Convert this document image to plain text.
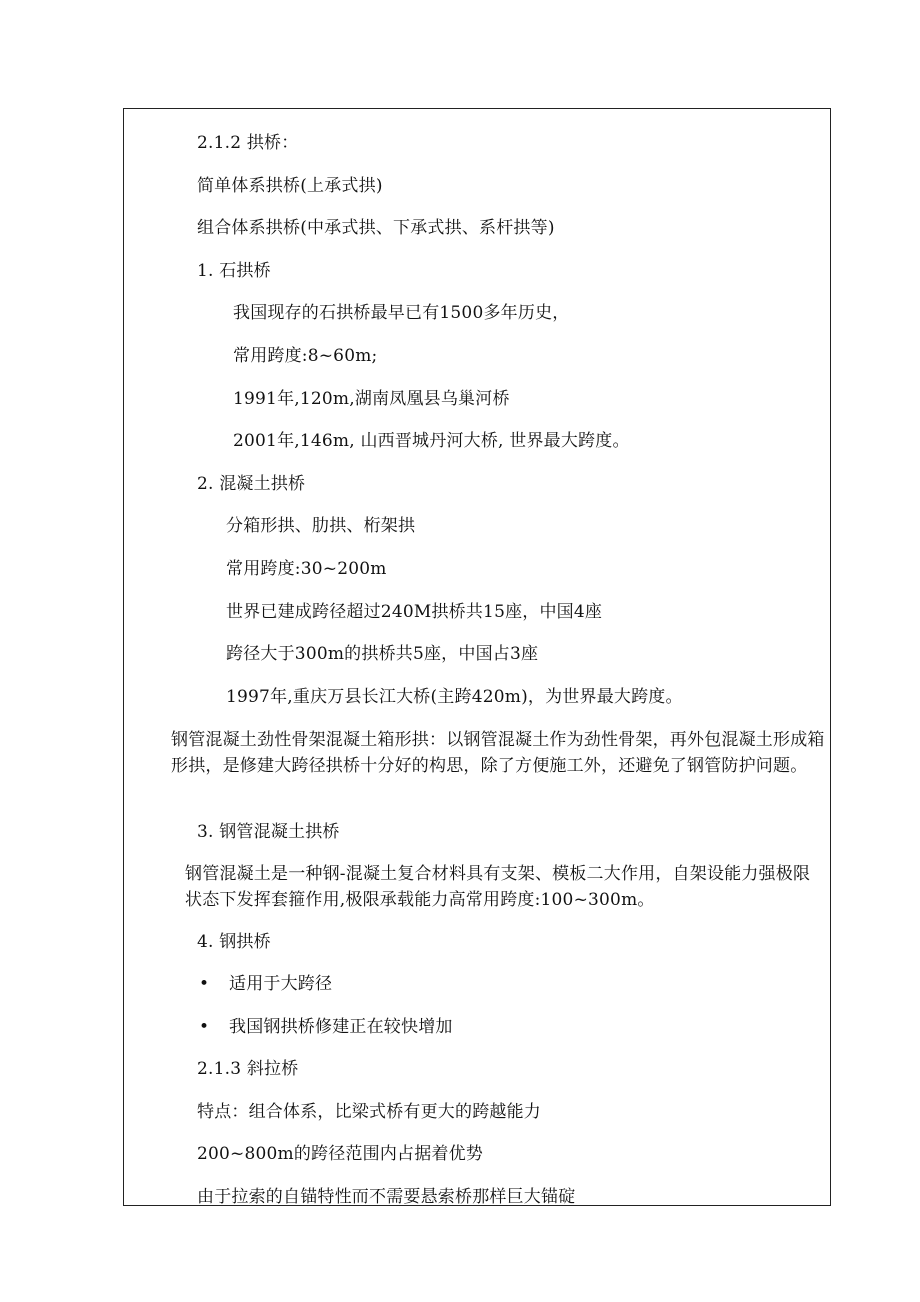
2.1.2 拱桥：
简单体系拱桥(上承式拱)
组合体系拱桥(中承式拱、下承式拱、系杆拱等)
1. 石拱桥
我国现存的石拱桥最早已有1500多年历史，
常用跨度:8~60m;
1991年,120m,湖南凤凰县乌巢河桥
2001年,146m, 山西晋城丹河大桥, 世界最大跨度。
2. 混凝土拱桥
分箱形拱、肋拱、桁架拱
常用跨度:30~200m
世界已建成跨径超过240M拱桥共15座，中国4座
跨径大于300m的拱桥共5座，中国占3座
1997年,重庆万县长江大桥(主跨420m)，为世界最大跨度。
钢管混凝土劲性骨架混凝土箱形拱：以钢管混凝土作为劲性骨架，再外包混凝土形成箱形拱，是修建大跨径拱桥十分好的构思，除了方便施工外，还避免了钢管防护问题。
3. 钢管混凝土拱桥
钢管混凝土是一种钢-混凝土复合材料具有支架、模板二大作用，自架设能力强极限状态下发挥套箍作用,极限承载能力高常用跨度:100~300m。
4. 钢拱桥
• 适用于大跨径
• 我国钢拱桥修建正在较快增加
2.1.3 斜拉桥
特点：组合体系，比梁式桥有更大的跨越能力
200~800m的跨径范围内占据着优势
由于拉索的自锚特性而不需要悬索桥那样巨大锚碇
